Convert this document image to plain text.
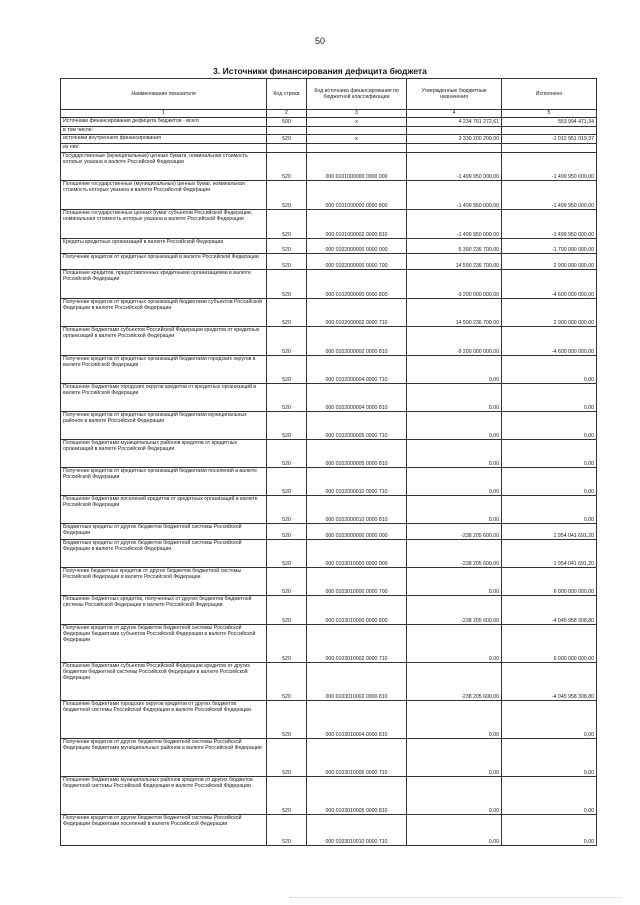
50
3. Источники финансирования дефицита бюджета
Наименование показателя	Код строки	Код источника финансирования по бюджетной классификации	Утвержденные бюджетные назначения	Исполнено
1	2	3	4	5
Источники финансирования дефицита бюджетов - всего	500	x	4 234 761 272,61	553 994 471,34
в том числе:				
источники внутреннего финансирования	520	x	3 330 200 200,00	-1 012 951 019,37
из них:				
Государственные (муниципальные) ценные бумаги, номинальная стоимость которых указана в валюте Российской Федерации	520	000 0101000000 0000 000	-1 499 950 000,00	-1 499 950 000,00
Погашение государственных (муниципальных) ценных бумаг, номинальная стоимость которых указана в валюте Российской Федерации	520	000 0101000000 0000 800	-1 499 950 000,00	-1 499 950 000,00
Погашение государственных ценных бумаг субъектов Российской Федерации, номинальная стоимость которых указана в валюте Российской Федерации	520	000 0101000002 0000 810	-1 499 950 000,00	-1 499 950 000,00
Кредиты кредитных организаций в валюте Российской Федерации	520	000 0102000000 0000 000	5 390 236 700,00	-1 700 000 000,00
Получение кредитов от кредитных организаций в валюте Российской Федерации	520	000 0102000000 0000 700	14 590 236 700,00	2 900 000 000,00
Погашение кредитов, предоставленных кредитными организациями в валюте Российской Федерации	520	000 0102000000 0000 800	-9 200 000 000,00	-4 600 000 000,00
Получение кредитов от кредитных организаций бюджетами субъектов Российской Федерации в валюте Российской Федерации	520	000 0102000002 0000 710	14 590 236 700,00	2 900 000 000,00
Погашение бюджетами субъектов Российской Федерации кредитов от кредитных организаций в валюте Российской Федерации	520	000 0102000002 0000 810	-9 200 000 000,00	-4 600 000 000,00
Получение кредитов от кредитных организаций бюджетами городских округов в валюте Российской Федерации	520	000 0102000004 0000 710	0,00	0,00
Погашение бюджетами городских округов кредитов от кредитных организаций в валюте Российской Федерации	520	000 0102000004 0000 810	0,00	0,00
Получение кредитов от кредитных организаций бюджетами муниципальных районов в валюте Российской Федерации	520	000 0102000005 0000 710	0,00	0,00
Погашение бюджетами муниципальных районов кредитов от кредитных организаций в валюте Российской Федерации	520	000 0102000005 0000 810	0,00	0,00
Получение кредитов от кредитных организаций бюджетами поселений в валюте Российской Федерации	520	000 0102000010 0000 710	0,00	0,00
Погашение бюджетами поселений кредитов от кредитных организаций в валюте Российской Федерации	520	000 0102000010 0000 810	0,00	0,00
Бюджетные кредиты от других бюджетов бюджетной системы Российской Федерации	520	000 0103000000 0000 000	-238 205 600,00	1 954 041 691,20
Бюджетные кредиты от других бюджетов бюджетной системы Российской Федерации в валюте Российской Федерации	520	000 0103010000 0000 000	-238 205 600,00	1 954 041 691,20
Получение бюджетных кредитов от других бюджетов бюджетной системы Российской Федерации в валюте Российской Федерации	520	000 0103010000 0000 700	0,00	6 000 000 000,00
Погашение бюджетных кредитов, полученных от других бюджетов бюджетной системы Российской Федерации в валюте Российской Федерации	520	000 0103010000 0000 800	-238 205 600,00	-4 045 958 308,80
Получение кредитов от других бюджетов бюджетной системы Российской Федерации бюджетами субъектов Российской Федерации в валюте Российской Федерации	520	000 0103010002 0000 710	0,00	6 000 000 000,00
Погашение бюджетами субъектов Российской Федерации кредитов от других бюджетов бюджетной системы Российской Федерации в валюте Российской Федерации	520	000 0103010002 0000 810	-238 205 600,00	-4 045 958 308,80
Погашение бюджетами городских округов кредитов от других бюджетов бюджетной системы Российской Федерации в валюте Российской Федерации	520	000 0103010004 0000 810	0,00	0,00
Получение кредитов от других бюджетов бюджетной системы Российской Федерации бюджетами муниципальных районов в валюте Российской Федерации	520	000 0103010005 0000 710	0,00	0,00
Погашение бюджетами муниципальных районов кредитов от других бюджетов бюджетной системы Российской Федерации в валюте Российской Федерации	520	000 0103010005 0000 810	0,00	0,00
Получение кредитов от других бюджетов бюджетной системы Российской Федерации бюджетами поселений в валюте Российской Федерации	520	000 0103010010 0000 710	0,00	0,00
